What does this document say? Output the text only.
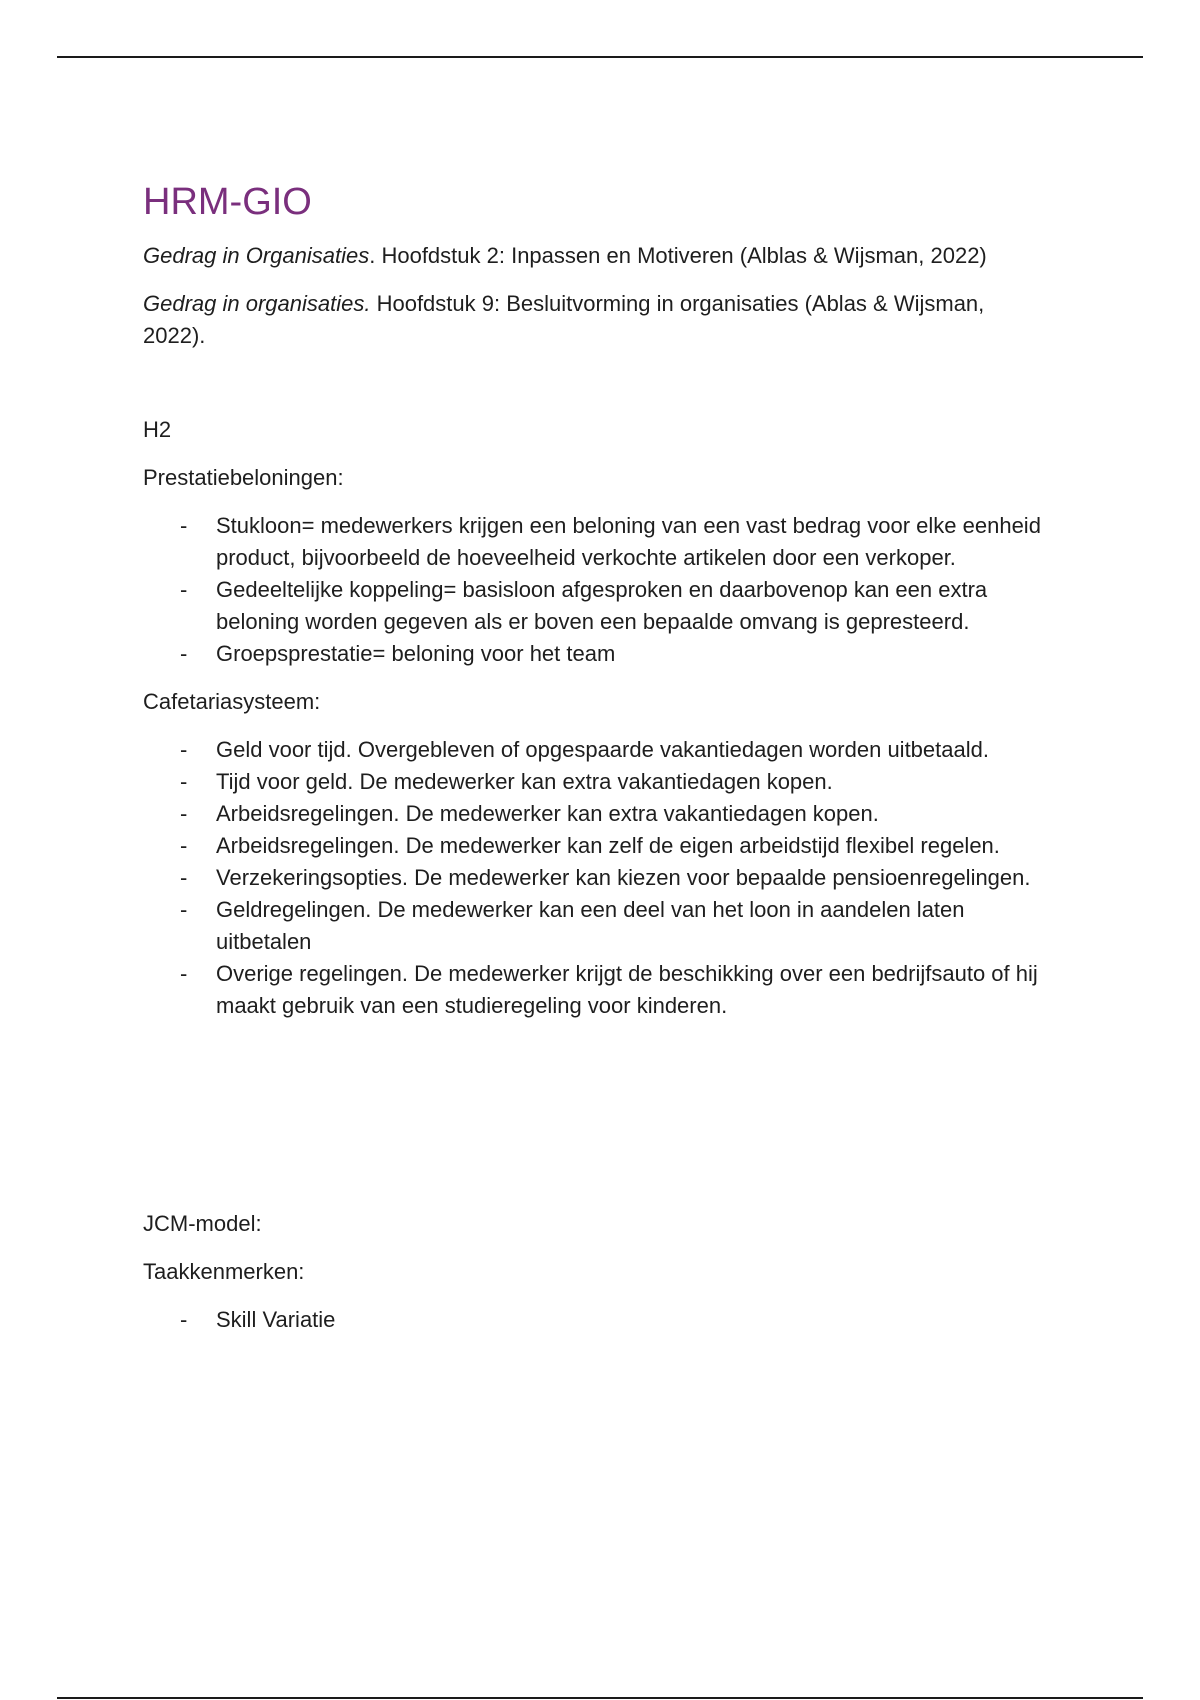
HRM-GIO

Gedrag in Organisaties. Hoofdstuk 2: Inpassen en Motiveren (Alblas & Wijsman, 2022)

Gedrag in organisaties. Hoofdstuk 9: Besluitvorming in organisaties (Ablas & Wijsman, 2022).

H2

Prestatiebeloningen:

- Stukloon= medewerkers krijgen een beloning van een vast bedrag voor elke eenheid product, bijvoorbeeld de hoeveelheid verkochte artikelen door een verkoper.
- Gedeeltelijke koppeling= basisloon afgesproken en daarbovenop kan een extra beloning worden gegeven als er boven een bepaalde omvang is gepresteerd.
- Groepsprestatie= beloning voor het team

Cafetariasysteem:

- Geld voor tijd. Overgebleven of opgespaarde vakantiedagen worden uitbetaald.
- Tijd voor geld. De medewerker kan extra vakantiedagen kopen.
- Arbeidsregelingen. De medewerker kan extra vakantiedagen kopen.
- Arbeidsregelingen. De medewerker kan zelf de eigen arbeidstijd flexibel regelen.
- Verzekeringsopties. De medewerker kan kiezen voor bepaalde pensioenregelingen.
- Geldregelingen. De medewerker kan een deel van het loon in aandelen laten uitbetalen
- Overige regelingen. De medewerker krijgt de beschikking over een bedrijfsauto of hij maakt gebruik van een studieregeling voor kinderen.

JCM-model:

Taakkenmerken:

- Skill Variatie
